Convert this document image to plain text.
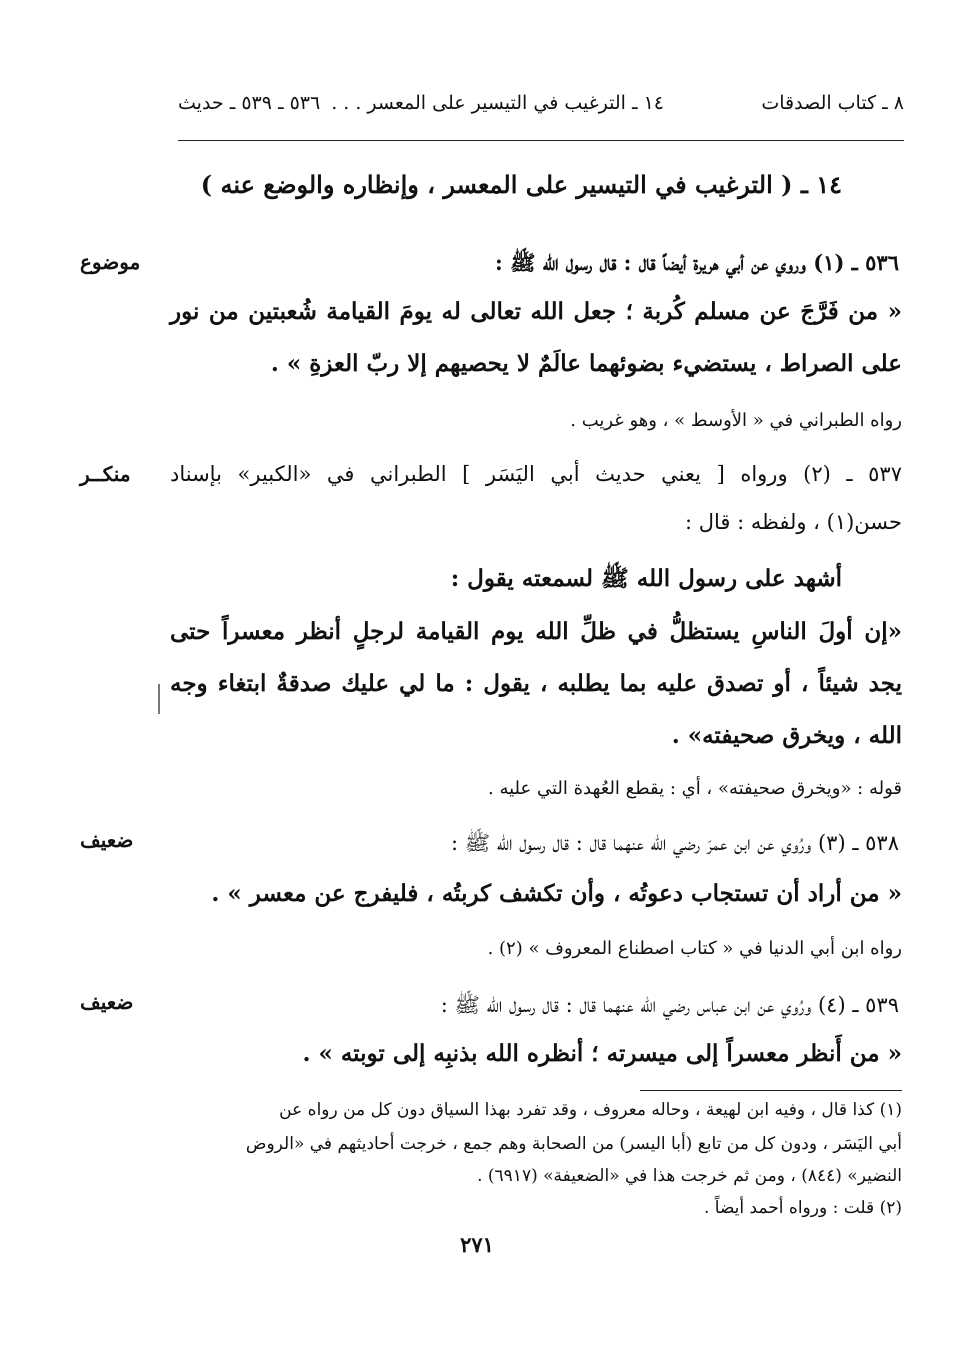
٨ ـ كتاب الصدقات
١٤ ـ الترغيب في التيسير على المعسر . . .
٥٣٦ ـ ٥٣٩ ـ حديث
١٤ ـ ( الترغيب في التيسير على المعسر ، وإنظاره والوضع عنه )
موضوع	٥٣٦ ـ (١) وروي عن أبي هريرة أيضاً قال : قال رسول الله ﷺ :
« من فَرَّجَ عن مسلم كُربة ؛ جعل الله تعالى له يومَ القيامة شُعبتين من نور
على الصراط ، يستضيء بضوئهما عالَمٌ لا يحصيهم إلا ربّ العزةِ » .
رواه الطبراني في « الأوسط » ، وهو غريب .
منكــر ٥٣٧ ـ (٢) ورواه [ يعني حديث أبي اليَسَر ] الطبراني في «الكبير» بإسناد
حسن(١) ، ولفظه : قال :
أشهد على رسول الله ﷺ لسمعته يقول :
«إن أولَ الناسِ يستظلُّ في ظلِّ الله يوم القيامة لرجلٍ أنظر معسراً حتى
يجد شيئاً ، أو تصدق عليه بما يطلبه ، يقول : ما لي عليك صدقةٌ ابتغاء وجه
الله ، ويخرق صحيفته» .
قوله : «ويخرق صحيفته» ، أي : يقطع العُهدة التي عليه .
ضعيف	٥٣٨ ـ (٣) ورُوي عن ابن عمرَ رضي الله عنهما قال : قال رسول الله ﷺ :
« من أراد أن تستجاب دعوتُه ، وأن تكشف كربتُه ، فليفرج عن معسر » .
رواه ابن أبي الدنيا في « كتاب اصطناع المعروف » (٢) .
ضعيف	٥٣٩ ـ (٤) ورُوي عن ابن عباس رضي الله عنهما قال : قال رسول الله ﷺ :
« من أَنظر معسراً إلى ميسرته ؛ أنظره الله بذنبِه إلى توبته » .
(١) كذا قال ، وفيه ابن لهيعة ، وحاله معروف ، وقد تفرد بهذا السياق دون كل من رواه عن
أبي اليَسَر ، ودون كل من تابع (أبا اليسر) من الصحابة وهم جمع ، خرجت أحاديثهم في «الروض
النضير» (٨٤٤) ، ومن ثم خرجت هذا في «الضعيفة» (٦٩١٧) .
(٢) قلت : ورواه أحمد أيضاً .
٢٧١
